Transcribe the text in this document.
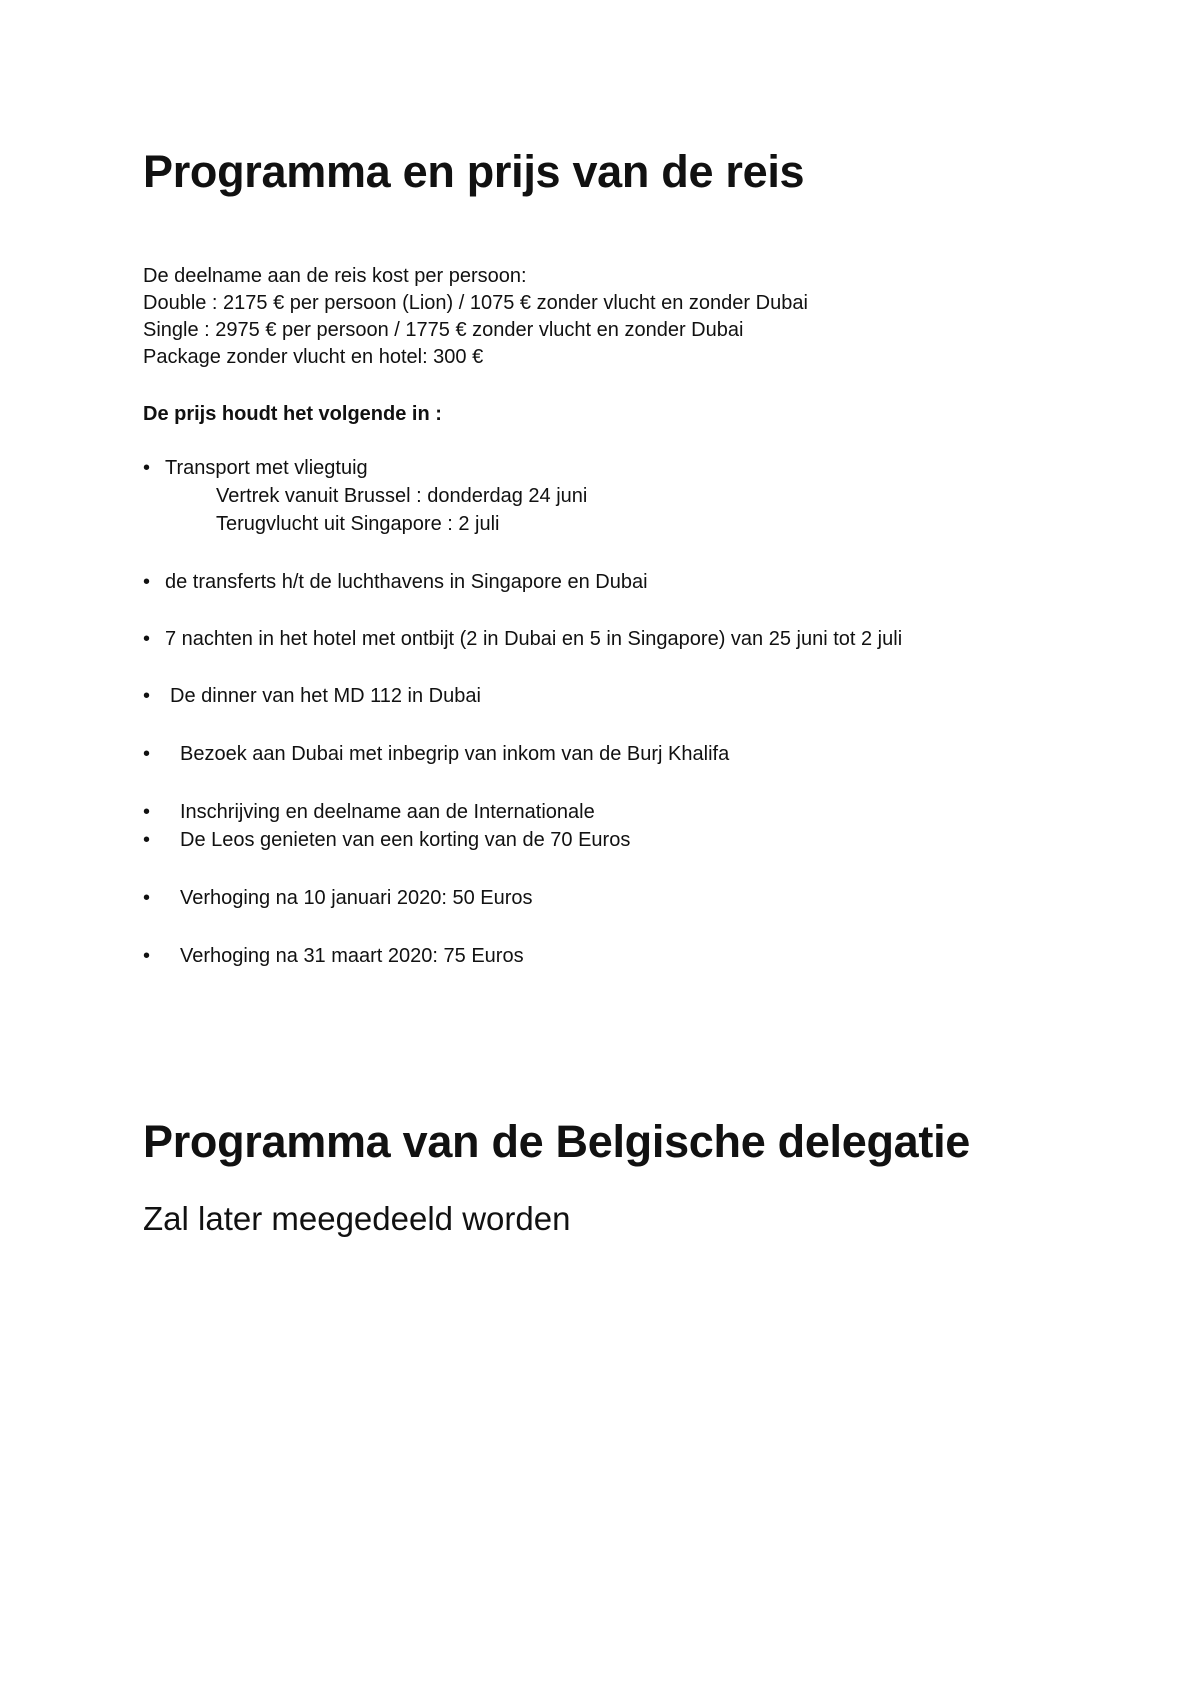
Programma en prijs van de reis
De deelname aan de reis kost per persoon:
Double : 2175 € per persoon (Lion) / 1075 € zonder vlucht en zonder Dubai
Single : 2975 € per persoon / 1775 € zonder vlucht en zonder Dubai
Package zonder vlucht en hotel: 300 €
De prijs houdt het volgende in :
• Transport met vliegtuig
Vertrek vanuit Brussel : donderdag 24 juni
Terugvlucht uit Singapore : 2 juli
• de transferts h/t de luchthavens in Singapore en Dubai
• 7 nachten in het hotel met ontbijt (2 in Dubai en 5 in Singapore) van 25 juni tot 2 juli
• De dinner van het MD 112 in Dubai
• Bezoek aan Dubai met inbegrip van inkom van de Burj Khalifa
• Inschrijving en deelname aan de Internationale
• De Leos genieten van een korting van de 70 Euros
• Verhoging na 10 januari 2020: 50 Euros
• Verhoging na 31 maart 2020: 75 Euros
Programma van de Belgische delegatie
Zal later meegedeeld worden
